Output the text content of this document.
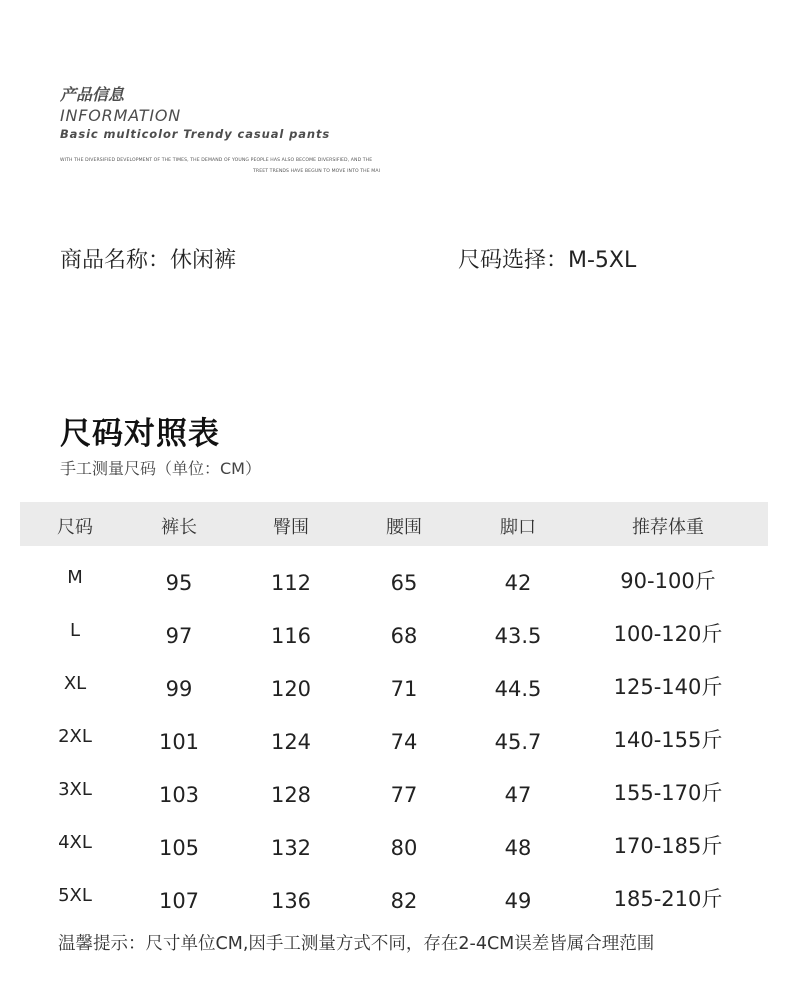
产品信息
INFORMATION
Basic multicolor Trendy casual pants
WITH THE DIVERSIFIED DEVELOPMENT OF THE TIMES, THE DEMAND OF YOUNG PEOPLE HAS ALSO BECOME DIVERSIFIED, AND THE
TREET TRENDS HAVE BEGUN TO MOVE INTO THE MAI
商品名称：休闲裤	尺码选择：M-5XL
尺码对照表
手工测量尺码（单位：CM）
尺码	裤长	臀围	腰围	脚口	推荐体重
M	95	112	65	42	90-100斤
L	97	116	68	43.5	100-120斤
XL	99	120	71	44.5	125-140斤
2XL	101	124	74	45.7	140-155斤
3XL	103	128	77	47	155-170斤
4XL	105	132	80	48	170-185斤
5XL	107	136	82	49	185-210斤
温馨提示：尺寸单位CM,因手工测量方式不同，存在2-4CM误差皆属合理范围
